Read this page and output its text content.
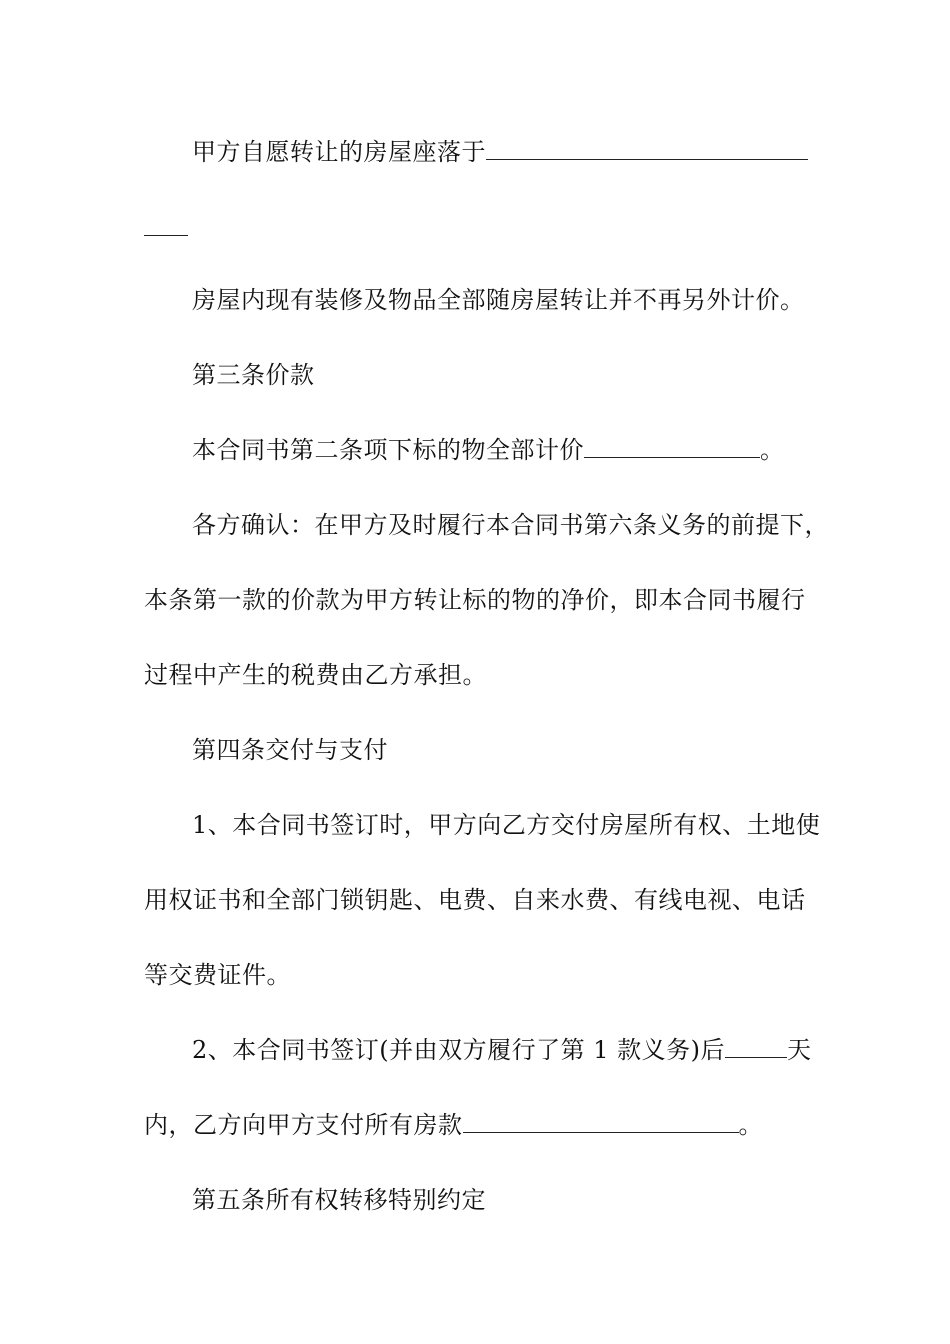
甲方自愿转让的房屋座落于
房屋内现有装修及物品全部随房屋转让并不再另外计价。
第三条价款
本合同书第二条项下标的物全部计价	。
各方确认：在甲方及时履行本合同书第六条义务的前提下，
本条第一款的价款为甲方转让标的物的净价，即本合同书履行
过程中产生的税费由乙方承担。
第四条交付与支付
1、本合同书签订时，甲方向乙方交付房屋所有权、土地使
用权证书和全部门锁钥匙、电费、自来水费、有线电视、电话
等交费证件。
2、本合同书签订(并由双方履行了第 1 款义务)后	天
内，乙方向甲方支付所有房款	。
第五条所有权转移特别约定
